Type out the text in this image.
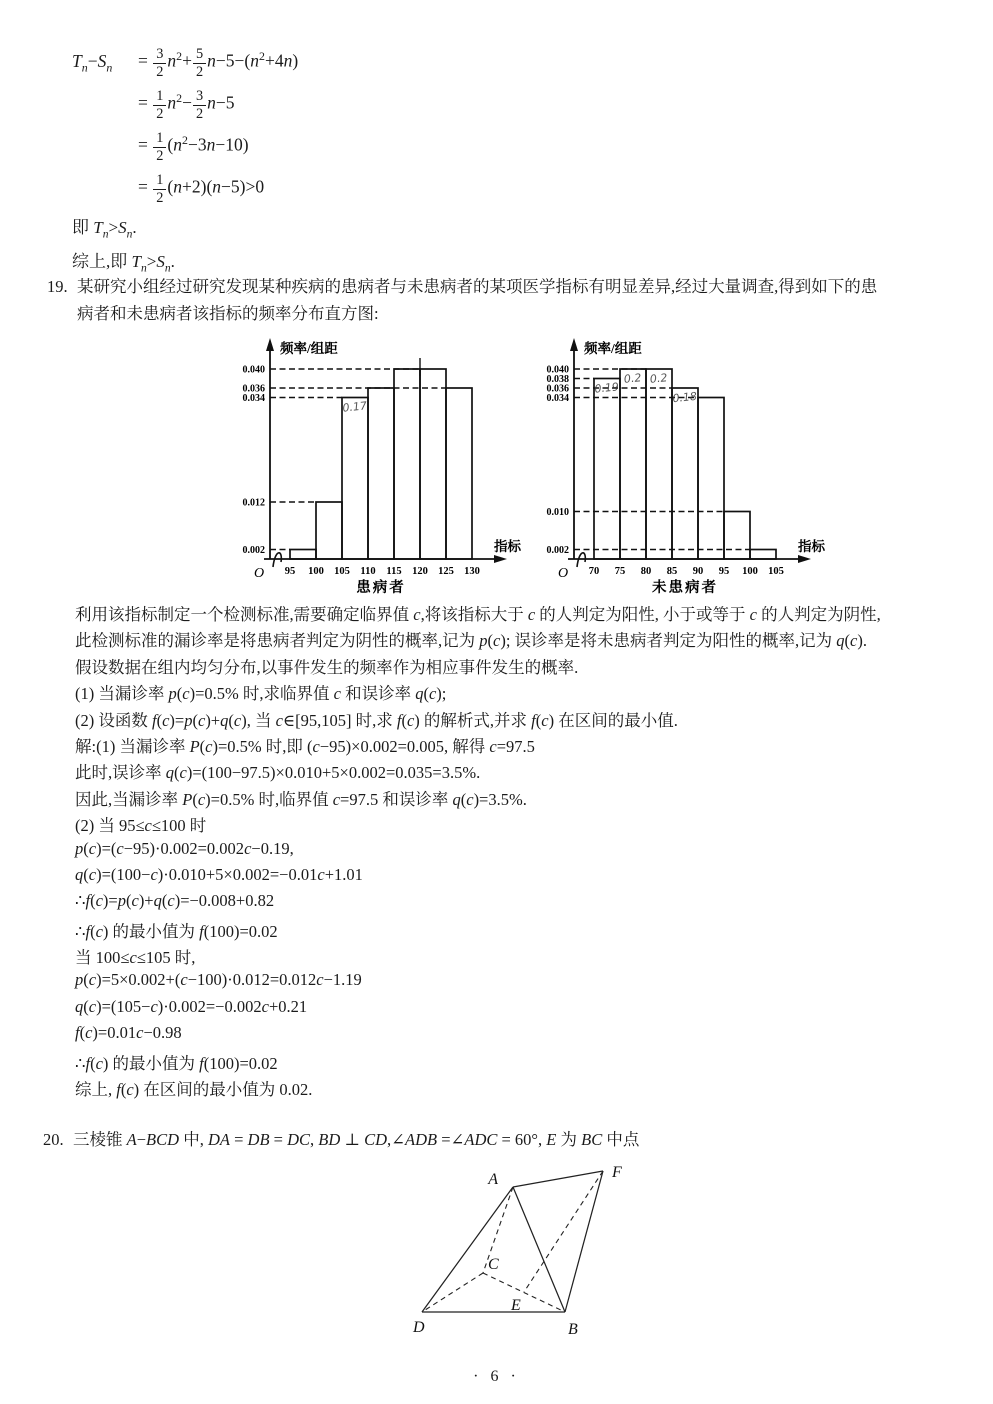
$T_n-S_n$	= $\frac{3}{2} n^2+ \frac{5}{2} n-5-(n^2+4n)$
= $\frac{1}{2} n^2- \frac{3}{2} n-5$
= $\frac{1}{2} (n^2-3n-10)$
= $\frac{1}{2} (n+2)(n-5)>0$
即 $T_n>S_n$.
综上,即 $T_n>S_n$.
19. 某研究小组经过研究发现某种疾病的患病者与未患病者的某项医学指标有明显差异,经过大量调查,得到如下的患
病者和未患病者该指标的频率分布直方图:
O
频率/组距
指标
0.002
0.012
0.034
0.036
0.040
95 100 105 110 115 120 125 130
患病者
0.17
O
频率/组距
指标
0.002
0.010
0.034
0.036
0.038
0.040
70 75 80 85 90 95 100 105
未患病者
0.19
0.2 0.2
0.18
利用该指标制定一个检测标准,需要确定临界值 c,将该指标大于 c 的人判定为阳性, 小于或等于 c 的人判定为阴性,
此检测标准的漏诊率是将患病者判定为阴性的概率,记为 p(c); 误诊率是将未患病者判定为阳性的概率,记为 q(c).
假设数据在组内均匀分布,以事件发生的频率作为相应事件发生的概率.
(1) 当漏诊率 p(c)=0.5% 时,求临界值 c 和误诊率 q(c);
(2) 设函数 f(c)=p(c)+q(c), 当 c∈[95,105] 时,求 f(c) 的解析式,并求 f(c) 在区间的最小值.
解:(1) 当漏诊率 P(c)=0.5% 时,即 (c−95)×0.002=0.005, 解得 c=97.5
此时,误诊率 q(c)=(100−97.5)×0.010+5×0.002=0.035=3.5%.
因此,当漏诊率 P(c)=0.5% 时,临界值 c=97.5 和误诊率 q(c)=3.5%.
(2) 当 95≤c≤100 时
p(c)=(c−95)·0.002=0.002c−0.19,
q(c)=(100−c)·0.010+5×0.002=−0.01c+1.01
∴f(c)=p(c)+q(c)=−0.008+0.82
∴f(c) 的最小值为 f(100)=0.02
当 100≤c≤105 时,
p(c)=5×0.002+(c−100)·0.012=0.012c−1.19
q(c)=(105−c)·0.002=−0.002c+0.21
f(c)=0.01c−0.98
∴f(c) 的最小值为 f(100)=0.02
综上, f(c) 在区间的最小值为 0.02.
20. 三棱锥 A−BCD 中, DA = DB = DC, BD ⊥ CD,∠ADB =∠ADC = 60°, E 为 BC 中点
A	F
C
D
E
B
· 6 ·
